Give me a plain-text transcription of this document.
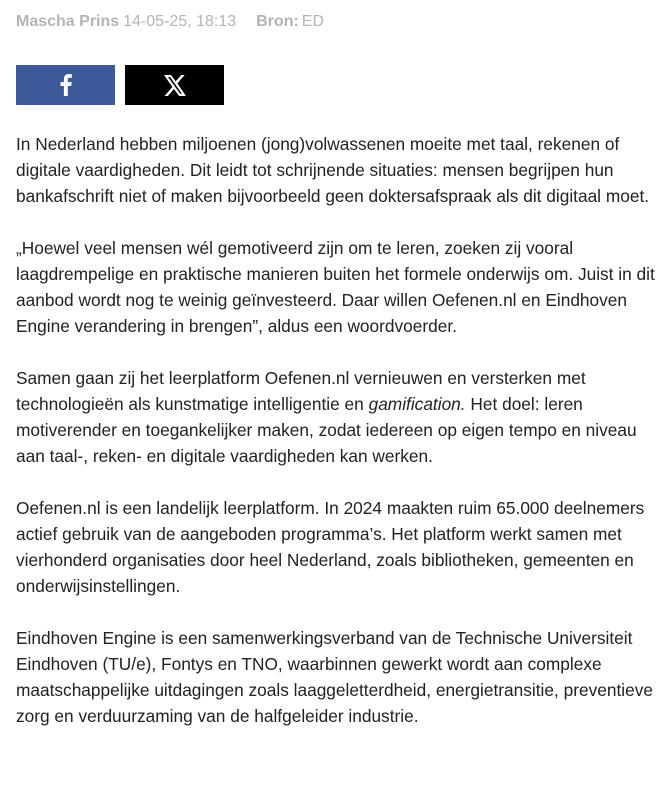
Mascha Prins 14-05-25, 18:13 Bron: ED

In Nederland hebben miljoenen (jong)volwassenen moeite met taal, rekenen of digitale vaardigheden. Dit leidt tot schrijnende situaties: mensen begrijpen hun bankafschrift niet of maken bijvoorbeeld geen doktersafspraak als dit digitaal moet.

„Hoewel veel mensen wél gemotiveerd zijn om te leren, zoeken zij vooral laagdrempelige en praktische manieren buiten het formele onderwijs om. Juist in dit aanbod wordt nog te weinig geïnvesteerd. Daar willen Oefenen.nl en Eindhoven Engine verandering in brengen”, aldus een woordvoerder.

Samen gaan zij het leerplatform Oefenen.nl vernieuwen en versterken met technologieën als kunstmatige intelligentie en gamification. Het doel: leren motiverender en toegankelijker maken, zodat iedereen op eigen tempo en niveau aan taal-, reken- en digitale vaardigheden kan werken.

Oefenen.nl is een landelijk leerplatform. In 2024 maakten ruim 65.000 deelnemers actief gebruik van de aangeboden programma’s. Het platform werkt samen met vierhonderd organisaties door heel Nederland, zoals bibliotheken, gemeenten en onderwijsinstellingen.

Eindhoven Engine is een samenwerkingsverband van de Technische Universiteit Eindhoven (TU/e), Fontys en TNO, waarbinnen gewerkt wordt aan complexe maatschappelijke uitdagingen zoals laaggeletterdheid, energietransitie, preventieve zorg en verduurzaming van de halfgeleider industrie.
